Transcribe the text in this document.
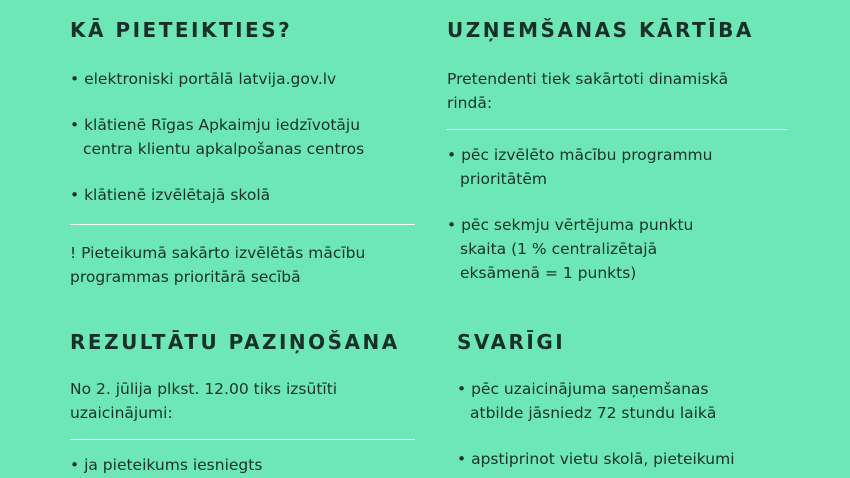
KĀ PIETEIKTIES?

• elektroniski portālā latvija.gov.lv

• klātienē Rīgas Apkaimju iedzīvotāju

centra klientu apkalpošanas centros

• klātienē izvēlētajā skolā

! Pieteikumā sakārto izvēlētās mācību

programmas prioritārā secībā

UZŅEMŠANAS KĀRTĪBA

Pretendenti tiek sakārtoti dinamiskā

rindā:

• pēc izvēlēto mācību programmu

prioritātēm

• pēc sekmju vērtējuma punktu

skaita (1 % centralizētajā

eksāmenā = 1 punkts)

REZULTĀTU PAZIŅOŠANA

No 2. jūlija plkst. 12.00 tiks izsūtīti

uzaicinājumi:

• ja pieteikums iesniegts

SVARĪGI

• pēc uzaicinājuma saņemšanas

atbilde jāsniedz 72 stundu laikā

• apstiprinot vietu skolā, pieteikumi
